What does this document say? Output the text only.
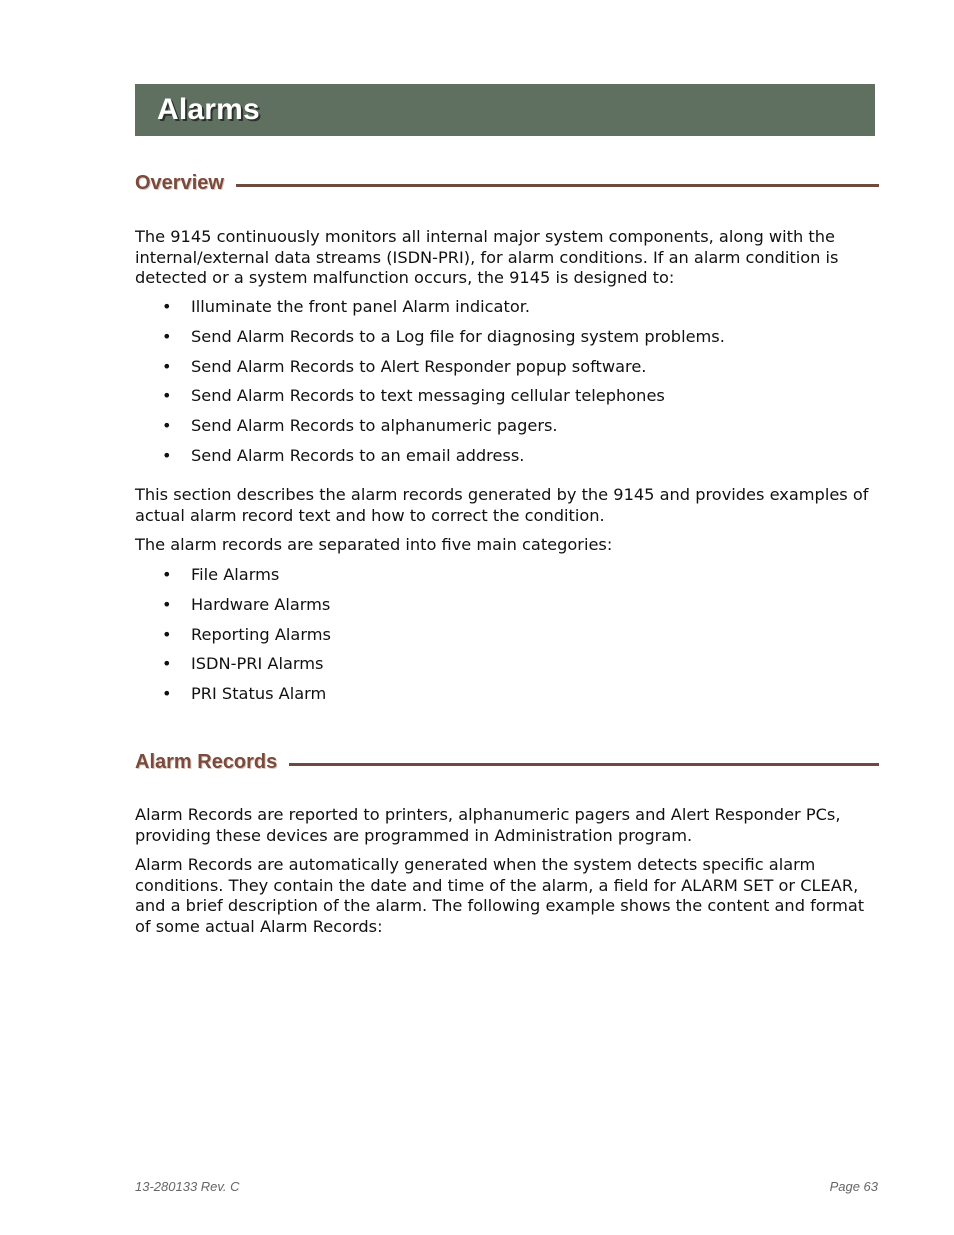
Alarms
Overview

The 9145 continuously monitors all internal major system components, along with the internal/external data streams (ISDN-PRI), for alarm conditions. If an alarm condition is detected or a system malfunction occurs, the 9145 is designed to:

• Illuminate the front panel Alarm indicator.
• Send Alarm Records to a Log file for diagnosing system problems.
• Send Alarm Records to Alert Responder popup software.
• Send Alarm Records to text messaging cellular telephones
• Send Alarm Records to alphanumeric pagers.
• Send Alarm Records to an email address.

This section describes the alarm records generated by the 9145 and provides examples of actual alarm record text and how to correct the condition.

The alarm records are separated into five main categories:

• File Alarms
• Hardware Alarms
• Reporting Alarms
• ISDN-PRI Alarms
• PRI Status Alarm
Alarm Records

Alarm Records are reported to printers, alphanumeric pagers and Alert Responder PCs, providing these devices are programmed in Administration program.

Alarm Records are automatically generated when the system detects specific alarm conditions. They contain the date and time of the alarm, a field for ALARM SET or CLEAR, and a brief description of the alarm. The following example shows the content and format of some actual Alarm Records:

13-280133 Rev. C	Page 63
